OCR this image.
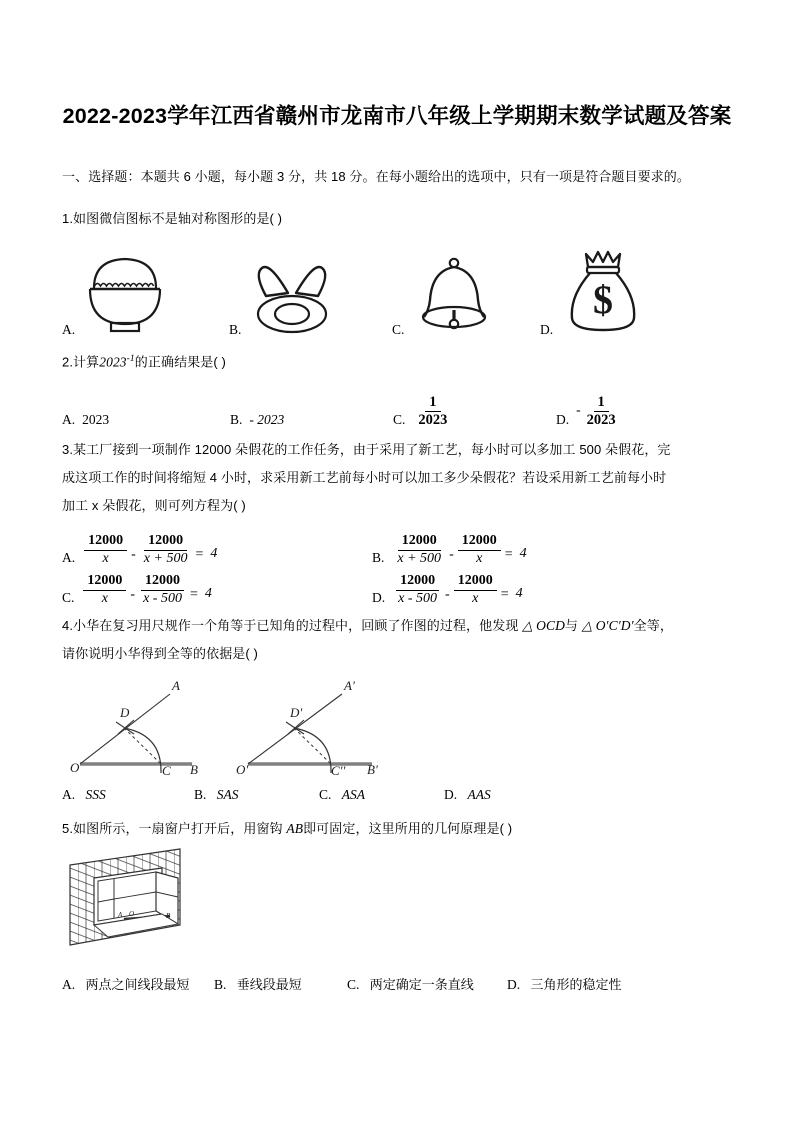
2022-2023学年江西省赣州市龙南市八年级上学期期末数学试题及答案

一、选择题：本题共 6 小题，每小题 3 分，共 18 分。在每小题给出的选项中，只有一项是符合题目要求的。

1.如图微信图标不是轴对称图形的是( )

A.	B.	C.	D.
$

2.计算$2023^{-1}$的正确结果是( )

A. 2023	B. - 2023	C. $\frac{1}{2023}$	D.
- $\frac{1}{2023}$

3.某工厂接到一项制作 12000 朵假花的工作任务，由于采用了新工艺，每小时可以多加工 500 朵假花，完

成这项工作的时间将缩短 4 小时，求采用新工艺前每小时可以加工多少朵假花？若设采用新工艺前每小时

加工 x 朵假花，则可列方程为( )

A. $\frac{12000}{x} - \frac{12000}{x + 500} = 4$	B. $\frac{12000}{x + 500} - \frac{12000}{x} = 4$
C. $\frac{12000}{x} - \frac{12000}{x - 500} = 4$	D. $\frac{12000}{x - 500} - \frac{12000}{x} = 4$

4.小华在复习用尺规作一个角等于已知角的过程中，回顾了作图的过程，他发现 △ OCD与 △ O′C′D′全等，

请你说明小华得到全等的依据是( )

A
D
O	C B
A'
D'
O'	C'' B'
A. SSS	B. SAS	C. ASA	D. AAS

5.如图所示，一扇窗户打开后，用窗钩 AB即可固定，这里所用的几何原理是( )

A O	B
A. 两点之间线段最短	B. 垂线段最短	C. 两定确定一条直线	D. 三角形的稳定性
